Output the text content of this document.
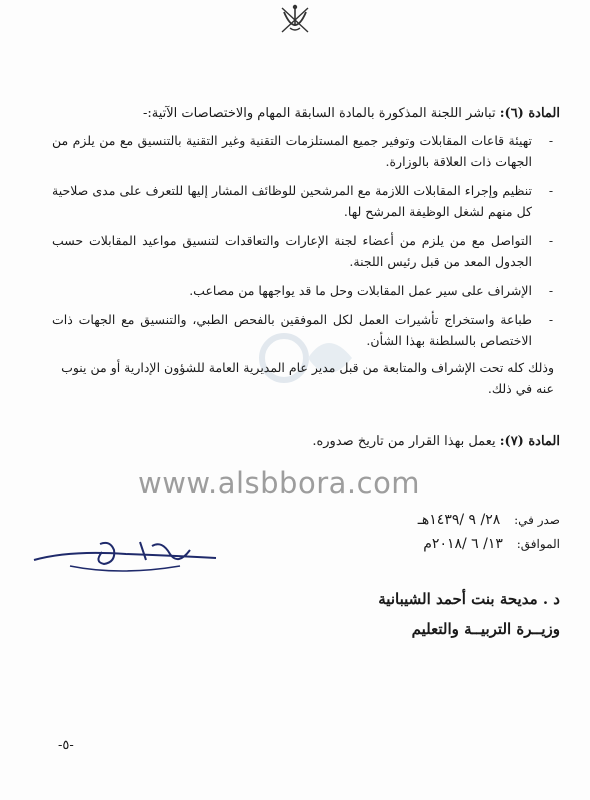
المادة (٦): تباشر اللجنة المذكورة بالمادة السابقة المهام والاختصاصات الآتية:-
-
تهيئة قاعات المقابلات وتوفير جميع المستلزمات التقنية وغير التقنية بالتنسيق مع من يلزم من الجهات ذات العلاقة بالوزارة.
-
تنظيم وإجراء المقابلات اللازمة مع المرشحين للوظائف المشار إليها للتعرف على مدى صلاحية كل منهم لشغل الوظيفة المرشح لها.
-
التواصل مع من يلزم من أعضاء لجنة الإعارات والتعاقدات لتنسيق مواعيد المقابلات حسب الجدول المعد من قبل رئيس اللجنة.
-
الإشراف على سير عمل المقابلات وحل ما قد يواجهها من مصاعب.
-
طباعة واستخراج تأشيرات العمل لكل الموفقين بالفحص الطبي، والتنسيق مع الجهات ذات الاختصاص بالسلطنة بهذا الشأن.
وذلك كله تحت الإشراف والمتابعة من قبل مدير عام المديرية العامة للشؤون الإدارية أو من ينوب عنه في ذلك.
المادة (٧): يعمل بهذا القرار من تاريخ صدوره.
www.alsbbora.com
صدر في: ٢٨/ ٩ /١٤٣٩هـ
الموافق: ١٣/ ٦ /٢٠١٨م
د . مديحة بنت أحمد الشيبانية
وزيــرة التربيــة والتعليم
-٥-
